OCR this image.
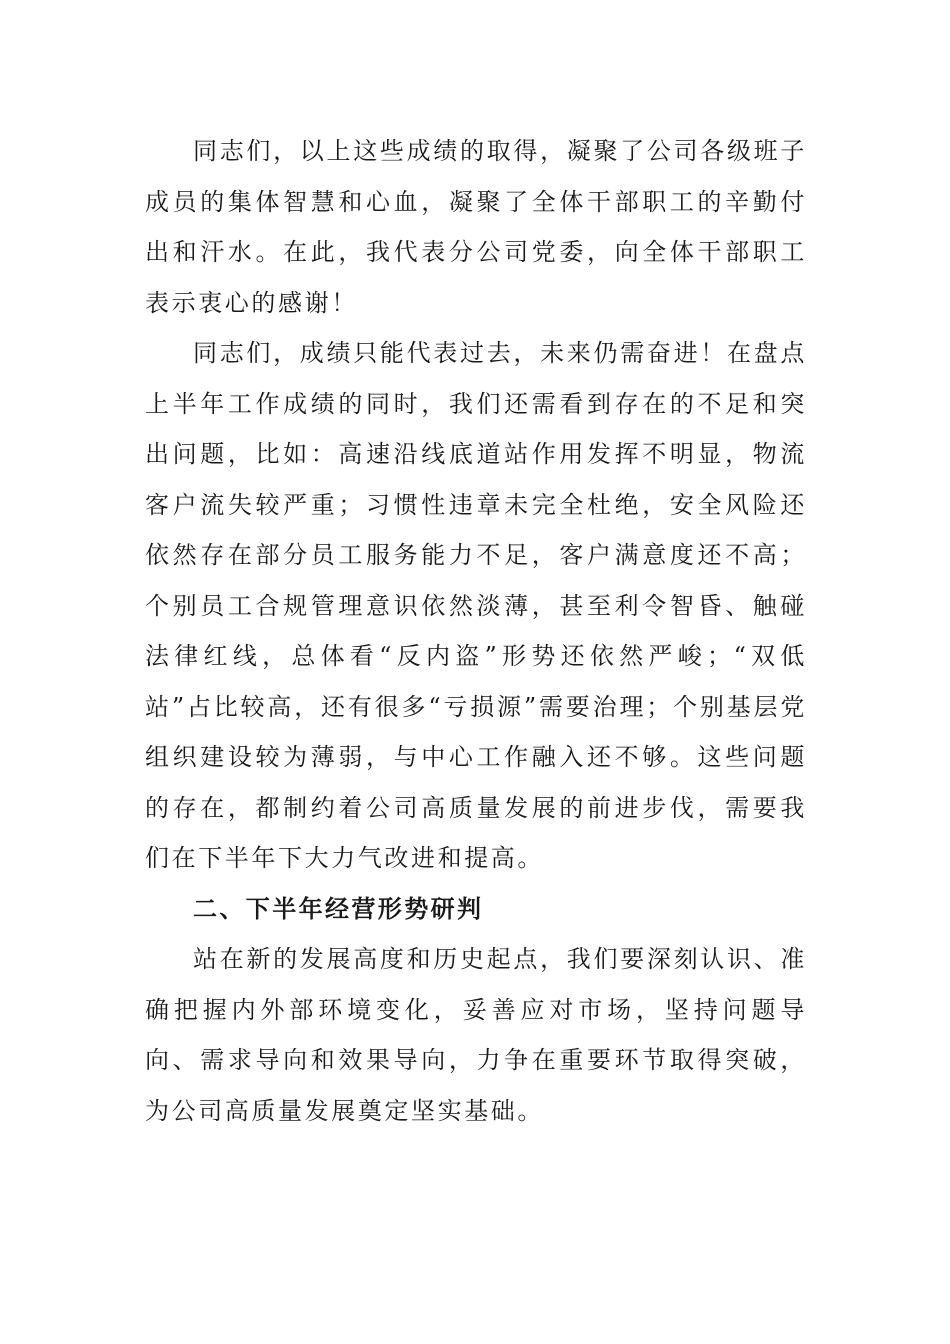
同志们，以上这些成绩的取得，凝聚了公司各级班子成员的集体智慧和心血，凝聚了全体干部职工的辛勤付出和汗水。在此，我代表分公司党委，向全体干部职工表示衷心的感谢！

同志们，成绩只能代表过去，未来仍需奋进！在盘点上半年工作成绩的同时，我们还需看到存在的不足和突出问题，比如：高速沿线底道站作用发挥不明显，物流客户流失较严重；习惯性违章未完全杜绝，安全风险还依然存在部分员工服务能力不足，客户满意度还不高；个别员工合规管理意识依然淡薄，甚至利令智昏、触碰法律红线，总体看“反内盗”形势还依然严峻；“双低站”占比较高，还有很多“亏损源”需要治理；个别基层党组织建设较为薄弱，与中心工作融入还不够。这些问题的存在，都制约着公司高质量发展的前进步伐，需要我们在下半年下大力气改进和提高。

二、下半年经营形势研判

站在新的发展高度和历史起点，我们要深刻认识、准确把握内外部环境变化，妥善应对市场，坚持问题导向、需求导向和效果导向，力争在重要环节取得突破，为公司高质量发展奠定坚实基础。
